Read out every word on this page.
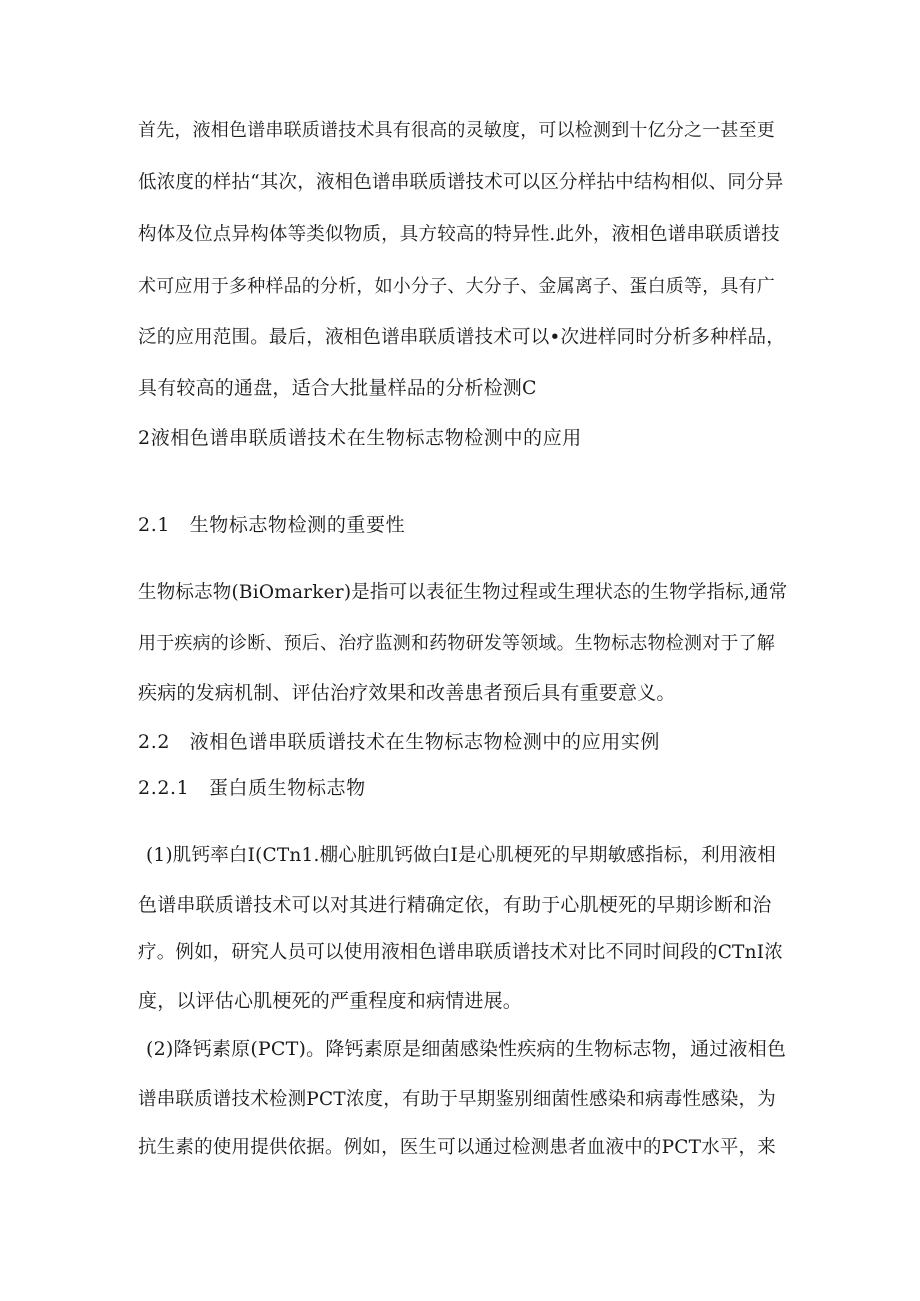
首先，液相色谱串联质谱技术具有很高的灵敏度，可以检测到十亿分之一甚至更
低浓度的样拈“其次，液相色谱串联质谱技术可以区分样拈中结构相似、同分异
构体及位点异构体等类似物质，具方较高的特异性.此外，液相色谱串联质谱技
术可应用于多种样品的分析，如小分子、大分子、金属离子、蛋白质等，具有广
泛的应用范围。最后，液相色谱串联质谱技术可以•次进样同时分析多种样品，
具有较高的通盘，适合大批量样品的分析检测C
2液相色谱串联质谱技术在生物标志物检测中的应用
2.1　生物标志物检测的重要性
生物标志物(BiOmarker)是指可以表征生物过程或生理状态的生物学指标,通常
用于疾病的诊断、预后、治疗监测和药物研发等领域。生物标志物检测对于了解
疾病的发病机制、评估治疗效果和改善患者预后具有重要意义。
2.2　液相色谱串联质谱技术在生物标志物检测中的应用实例
2.2.1　蛋白质生物标志物
(1)肌钙率白I(CTn1.棚心脏肌钙做白I是心肌梗死的早期敏感指标，利用液相
色谱串联质谱技术可以对其进行精确定依，有助于心肌梗死的早期诊断和治
疗。例如，研究人员可以使用液相色谱串联质谱技术对比不同时间段的CTnI浓
度，以评估心肌梗死的严重程度和病情进展。
(2)降钙素原(PCT)。降钙素原是细菌感染性疾病的生物标志物，通过液相色
谱串联质谱技术检测PCT浓度，有助于早期鉴别细菌性感染和病毒性感染，为
抗生素的使用提供依据。例如，医生可以通过检测患者血液中的PCT水平，来
